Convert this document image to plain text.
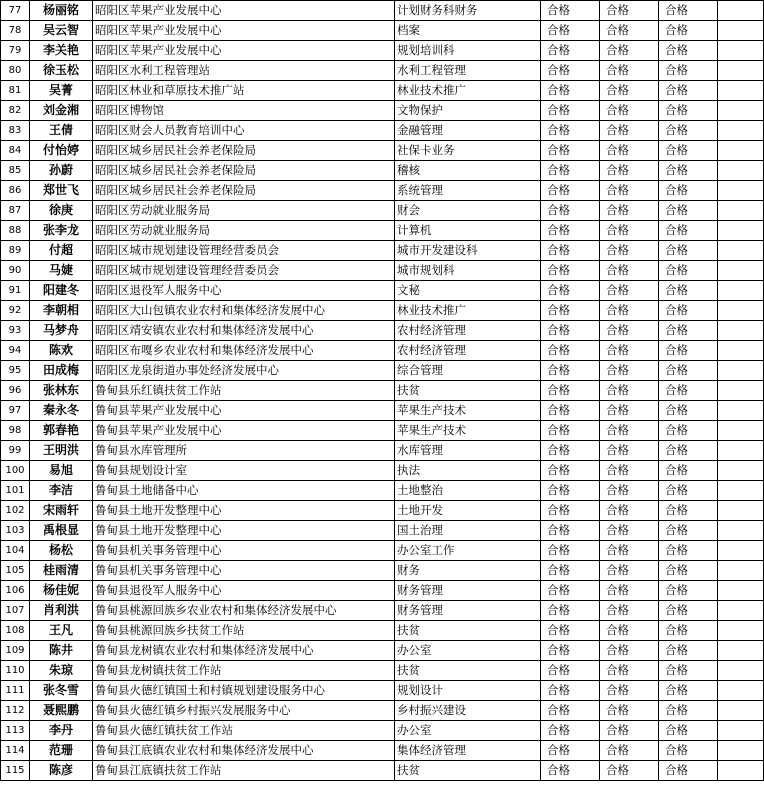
77	杨丽铭	昭阳区苹果产业发展中心	计划财务科财务	合格	合格	合格	
78	吴云智	昭阳区苹果产业发展中心	档案	合格	合格	合格	
79	李关艳	昭阳区苹果产业发展中心	规划培训科	合格	合格	合格	
80	徐玉松	昭阳区水利工程管理站	水利工程管理	合格	合格	合格	
81	吴菁	昭阳区林业和草原技术推广站	林业技术推广	合格	合格	合格	
82	刘金湘	昭阳区博物馆	文物保护	合格	合格	合格	
83	王倩	昭阳区财会人员教育培训中心	金融管理	合格	合格	合格	
84	付怡婷	昭阳区城乡居民社会养老保险局	社保卡业务	合格	合格	合格	
85	孙蔚	昭阳区城乡居民社会养老保险局	稽核	合格	合格	合格	
86	郑世飞	昭阳区城乡居民社会养老保险局	系统管理	合格	合格	合格	
87	徐庚	昭阳区劳动就业服务局	财会	合格	合格	合格	
88	张李龙	昭阳区劳动就业服务局	计算机	合格	合格	合格	
89	付超	昭阳区城市规划建设管理经营委员会	城市开发建设科	合格	合格	合格	
90	马婕	昭阳区城市规划建设管理经营委员会	城市规划科	合格	合格	合格	
91	阳建冬	昭阳区退役军人服务中心	文秘	合格	合格	合格	
92	李朝相	昭阳区大山包镇农业农村和集体经济发展中心	林业技术推广	合格	合格	合格	
93	马梦舟	昭阳区靖安镇农业农村和集体经济发展中心	农村经济管理	合格	合格	合格	
94	陈欢	昭阳区布嘎乡农业农村和集体经济发展中心	农村经济管理	合格	合格	合格	
95	田成梅	昭阳区龙泉街道办事处经济发展中心	综合管理	合格	合格	合格	
96	张林东	鲁甸县乐红镇扶贫工作站	扶贫	合格	合格	合格	
97	秦永冬	鲁甸县苹果产业发展中心	苹果生产技术	合格	合格	合格	
98	郭春艳	鲁甸县苹果产业发展中心	苹果生产技术	合格	合格	合格	
99	王明洪	鲁甸县水库管理所	水库管理	合格	合格	合格	
100	易旭	鲁甸县规划设计室	执法	合格	合格	合格	
101	李洁	鲁甸县土地储备中心	土地整治	合格	合格	合格	
102	宋雨轩	鲁甸县土地开发整理中心	土地开发	合格	合格	合格	
103	禹根显	鲁甸县土地开发整理中心	国土治理	合格	合格	合格	
104	杨松	鲁甸县机关事务管理中心	办公室工作	合格	合格	合格	
105	桂雨清	鲁甸县机关事务管理中心	财务	合格	合格	合格	
106	杨佳妮	鲁甸县退役军人服务中心	财务管理	合格	合格	合格	
107	肖利洪	鲁甸县桃源回族乡农业农村和集体经济发展中心	财务管理	合格	合格	合格	
108	王凡	鲁甸县桃源回族乡扶贫工作站	扶贫	合格	合格	合格	
109	陈井	鲁甸县龙树镇农业农村和集体经济发展中心	办公室	合格	合格	合格	
110	朱琼	鲁甸县龙树镇扶贫工作站	扶贫	合格	合格	合格	
111	张冬雪	鲁甸县火德红镇国土和村镇规划建设服务中心	规划设计	合格	合格	合格	
112	聂熙鹏	鲁甸县火德红镇乡村振兴发展服务中心	乡村振兴建设	合格	合格	合格	
113	李丹	鲁甸县火德红镇扶贫工作站	办公室	合格	合格	合格	
114	范珊	鲁甸县江底镇农业农村和集体经济发展中心	集体经济管理	合格	合格	合格	
115	陈彦	鲁甸县江底镇扶贫工作站	扶贫	合格	合格	合格	
